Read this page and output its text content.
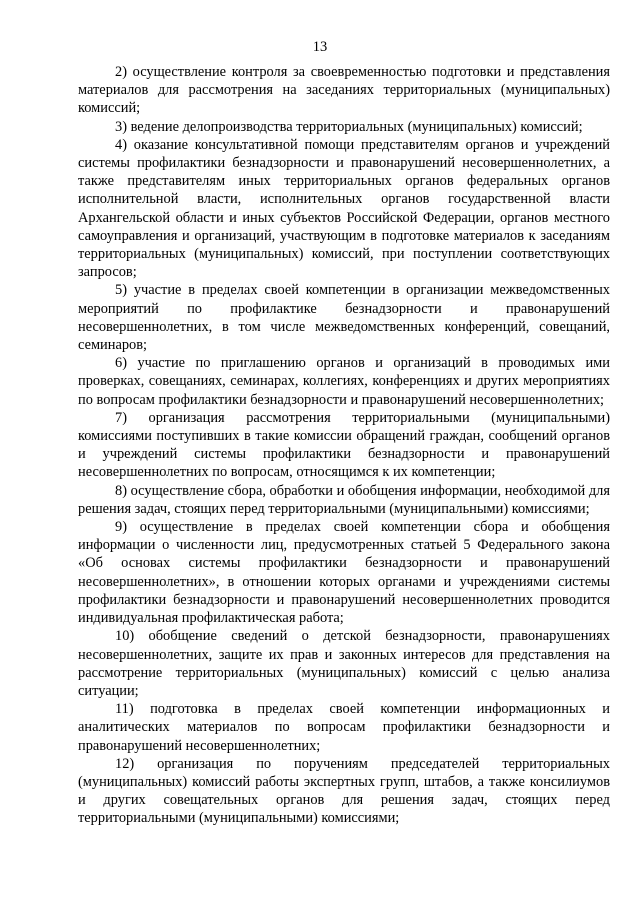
13

2) осуществление контроля за своевременностью подготовки и представления материалов для рассмотрения на заседаниях территориальных (муниципальных) комиссий;

3) ведение делопроизводства территориальных (муниципальных) комиссий;

4) оказание консультативной помощи представителям органов и учреждений системы профилактики безнадзорности и правонарушений несовершеннолетних, а также представителям иных территориальных органов федеральных органов исполнительной власти, исполнительных органов государственной власти Архангельской области и иных субъектов Российской Федерации, органов местного самоуправления и организаций, участвующим в подготовке материалов к заседаниям территориальных (муниципальных) комиссий, при поступлении соответствующих запросов;

5) участие в пределах своей компетенции в организации межведомственных мероприятий по профилактике безнадзорности и правонарушений несовершеннолетних, в том числе межведомственных конференций, совещаний, семинаров;

6) участие по приглашению органов и организаций в проводимых ими проверках, совещаниях, семинарах, коллегиях, конференциях и других мероприятиях по вопросам профилактики безнадзорности и правонарушений несовершеннолетних;

7) организация рассмотрения территориальными (муниципальными) комиссиями поступивших в такие комиссии обращений граждан, сообщений органов и учреждений системы профилактики безнадзорности и правонарушений несовершеннолетних по вопросам, относящимся к их компетенции;

8) осуществление сбора, обработки и обобщения информации, необходимой для решения задач, стоящих перед территориальными (муниципальными) комиссиями;

9) осуществление в пределах своей компетенции сбора и обобщения информации о численности лиц, предусмотренных статьей 5 Федерального закона «Об основах системы профилактики безнадзорности и правонарушений несовершеннолетних», в отношении которых органами и учреждениями системы профилактики безнадзорности и правонарушений несовершеннолетних проводится индивидуальная профилактическая работа;

10) обобщение сведений о детской безнадзорности, правонарушениях несовершеннолетних, защите их прав и законных интересов для представления на рассмотрение территориальных (муниципальных) комиссий с целью анализа ситуации;

11) подготовка в пределах своей компетенции информационных и аналитических материалов по вопросам профилактики безнадзорности и правонарушений несовершеннолетних;

12) организация по поручениям председателей территориальных (муниципальных) комиссий работы экспертных групп, штабов, а также консилиумов и других совещательных органов для решения задач, стоящих перед территориальными (муниципальными) комиссиями;
